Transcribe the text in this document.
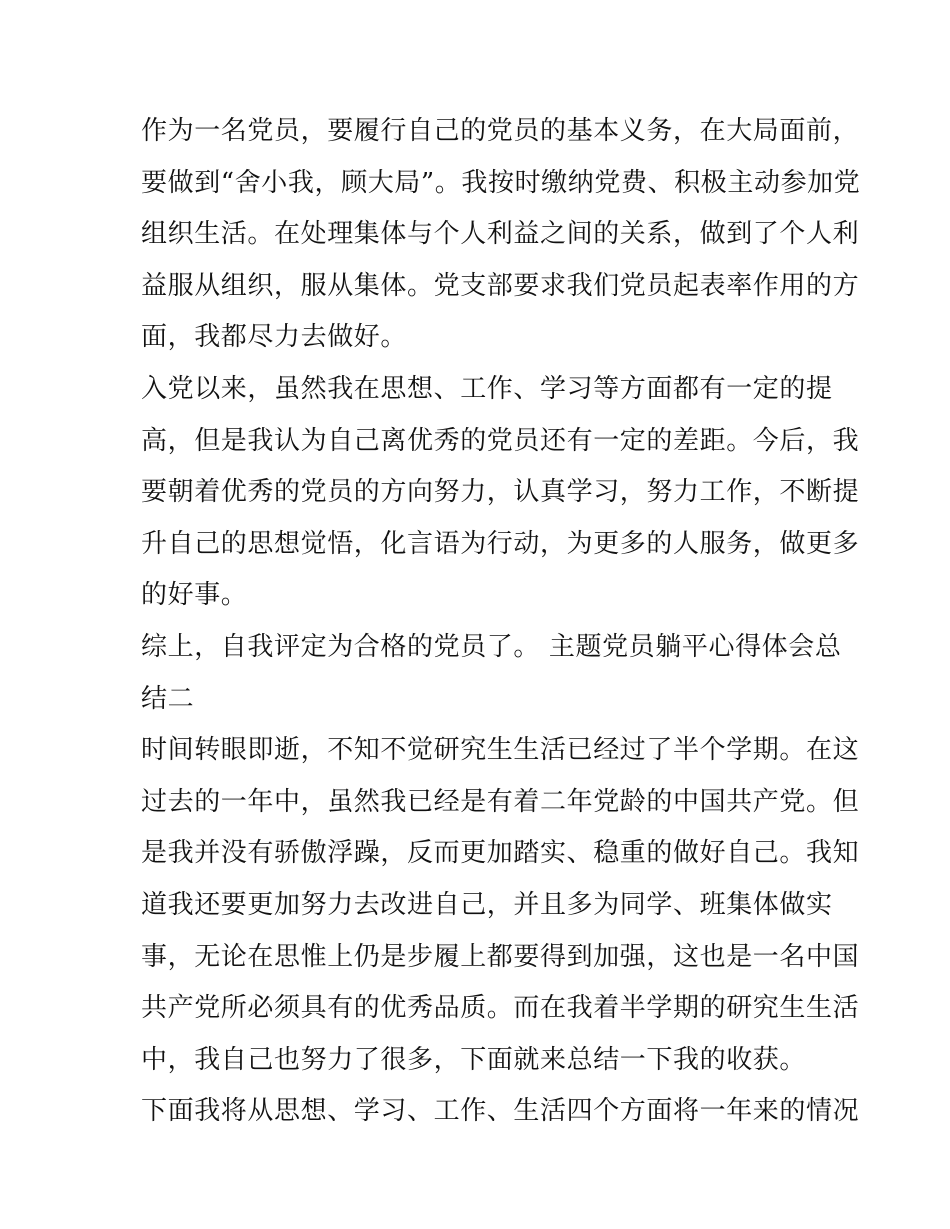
作为一名党员，要履行自己的党员的基本义务，在大局面前，
要做到“舍小我，顾大局”。我按时缴纳党费、积极主动参加党
组织生活。在处理集体与个人利益之间的关系，做到了个人利
益服从组织，服从集体。党支部要求我们党员起表率作用的方
面，我都尽力去做好。
入党以来，虽然我在思想、工作、学习等方面都有一定的提
高，但是我认为自己离优秀的党员还有一定的差距。今后，我
要朝着优秀的党员的方向努力，认真学习，努力工作，不断提
升自己的思想觉悟，化言语为行动，为更多的人服务，做更多
的好事。
综上，自我评定为合格的党员了。 主题党员躺平心得体会总
结二
时间转眼即逝，不知不觉研究生生活已经过了半个学期。在这
过去的一年中，虽然我已经是有着二年党龄的中国共产党。但
是我并没有骄傲浮躁，反而更加踏实、稳重的做好自己。我知
道我还要更加努力去改进自己，并且多为同学、班集体做实
事，无论在思惟上仍是步履上都要得到加强，这也是一名中国
共产党所必须具有的优秀品质。而在我着半学期的研究生生活
中，我自己也努力了很多，下面就来总结一下我的收获。
下面我将从思想、学习、工作、生活四个方面将一年来的情况
